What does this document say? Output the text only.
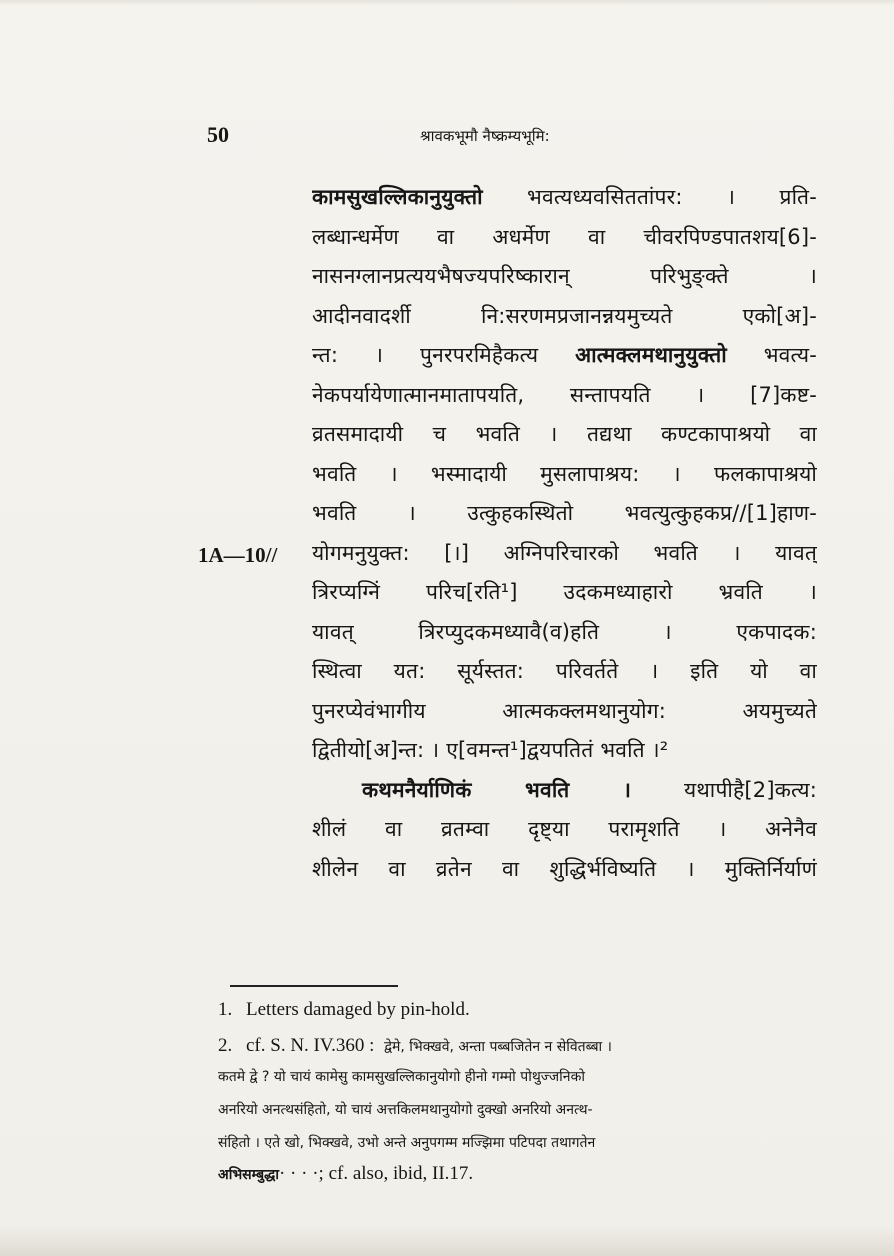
50	श्रावकभूमौ नैष्क्रम्यभूमि:
1A—10//
कामसुखल्लिकानुयुक्तो भवत्यध्यवसिततांपर: । प्रति-
लब्धान्धर्मेण वा अधर्मेण वा चीवरपिण्डपातशय[6]-
नासनग्लानप्रत्ययभैषज्यपरिष्कारान् परिभुङ्क्ते ।
आदीनवादर्शी नि:सरणमप्रजानन्नयमुच्यते एको[अ]-
न्त: । पुनरपरमिहैकत्य आत्मक्लमथानुयुक्तो भवत्य-
नेकपर्यायेणात्मानमातापयति, सन्तापयति । [7]कष्ट-
व्रतसमादायी च भवति । तद्यथा कण्टकापाश्रयो वा
भवति । भस्मादायी मुसलापाश्रय: । फलकापाश्रयो
भवति । उत्कुहकस्थितो भवत्युत्कुहकप्र//[1]हाण-
योगमनुयुक्त: [।] अग्निपरिचारको भवति । यावत्
त्रिरप्यग्निं परिच[रति¹] उदकमध्याहारो भ्रवति ।
यावत् त्रिरप्युदकमध्यावै(व)हति । एकपादक:
स्थित्वा यत: सूर्यस्तत: परिवर्तते । इति यो वा
पुनरप्येवंभागीय आत्मकक्लमथानुयोग: अयमुच्यते
द्वितीयो[अ]न्त: । ए[वमन्त¹]द्वयपतितं भवति ।²
कथमनैर्याणिकं भवति । यथापीहै[2]कत्य:
शीलं वा व्रतम्वा दृष्ट्या परामृशति । अनेनैव
शीलेन वा व्रतेन वा शुद्धिर्भविष्यति । मुक्तिर्निर्याणं
1. Letters damaged by pin-hold.
2. cf. S. N. IV.360 : द्वेमे, भिक्खवे, अन्ता पब्बजितेन न सेवितब्बा ।
कतमे द्वे ? यो चायं कामेसु कामसुखल्लिकानुयोगो हीनो गम्मो पोथुज्जनिको
अनरियो अनत्थसंहितो, यो चायं अत्तकिलमथानुयोगो दुक्खो अनरियो अनत्थ-
संहितो । एते खो, भिक्खवे, उभो अन्ते अनुपगम्म मज्झिमा पटिपदा तथागतेन
अभिसम्बुद्धा· · · ·; cf. also, ibid, II.17.
